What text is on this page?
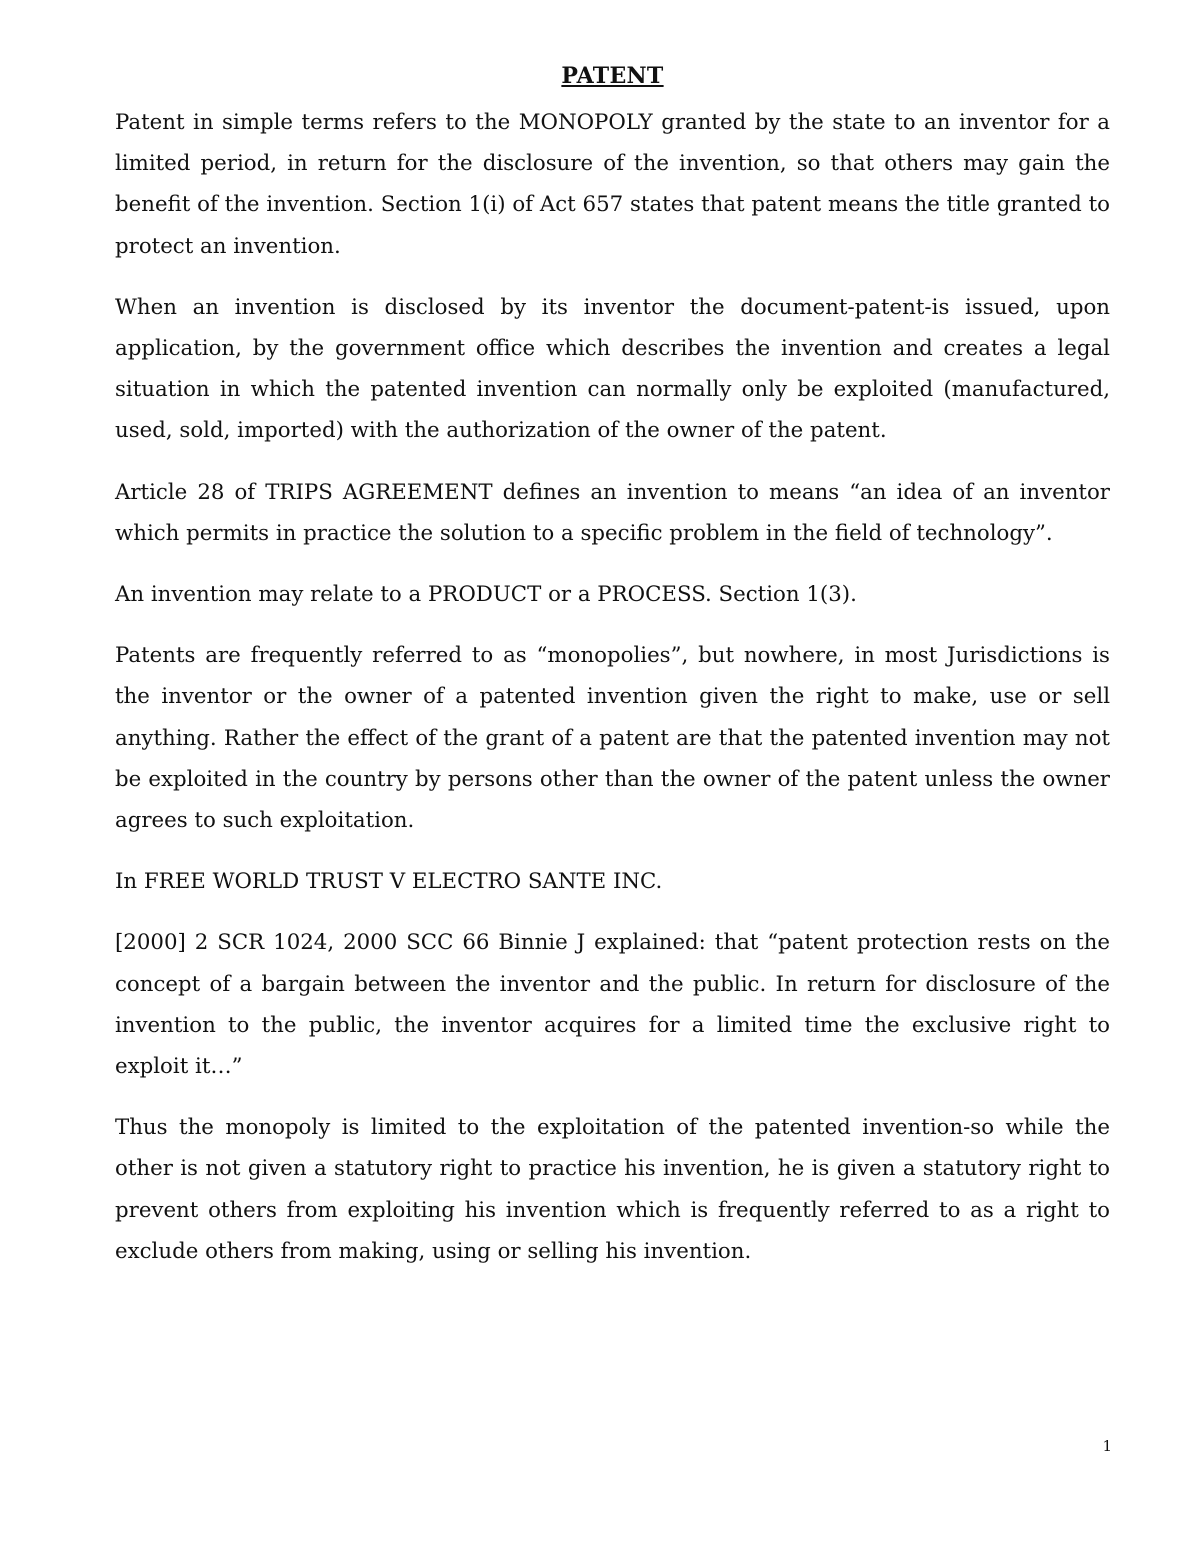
PATENT

Patent in simple terms refers to the MONOPOLY granted by the state to an inventor for a limited period, in return for the disclosure of the invention, so that others may gain the benefit of the invention. Section 1(i) of Act 657 states that patent means the title granted to protect an invention.

When an invention is disclosed by its inventor the document-patent-is issued, upon application, by the government office which describes the invention and creates a legal situation in which the patented invention can normally only be exploited (manufactured, used, sold, imported) with the authorization of the owner of the patent.

Article 28 of TRIPS AGREEMENT defines an invention to means “an idea of an inventor which permits in practice the solution to a specific problem in the field of technology”.

An invention may relate to a PRODUCT or a PROCESS. Section 1(3).

Patents are frequently referred to as “monopolies”, but nowhere, in most Jurisdictions is the inventor or the owner of a patented invention given the right to make, use or sell anything. Rather the effect of the grant of a patent are that the patented invention may not be exploited in the country by persons other than the owner of the patent unless the owner agrees to such exploitation.

In FREE WORLD TRUST V ELECTRO SANTE INC.

[2000] 2 SCR 1024, 2000 SCC 66 Binnie J explained: that “patent protection rests on the concept of a bargain between the inventor and the public. In return for disclosure of the invention to the public, the inventor acquires for a limited time the exclusive right to exploit it…”

Thus the monopoly is limited to the exploitation of the patented invention-so while the other is not given a statutory right to practice his invention, he is given a statutory right to prevent others from exploiting his invention which is frequently referred to as a right to exclude others from making, using or selling his invention.

1
